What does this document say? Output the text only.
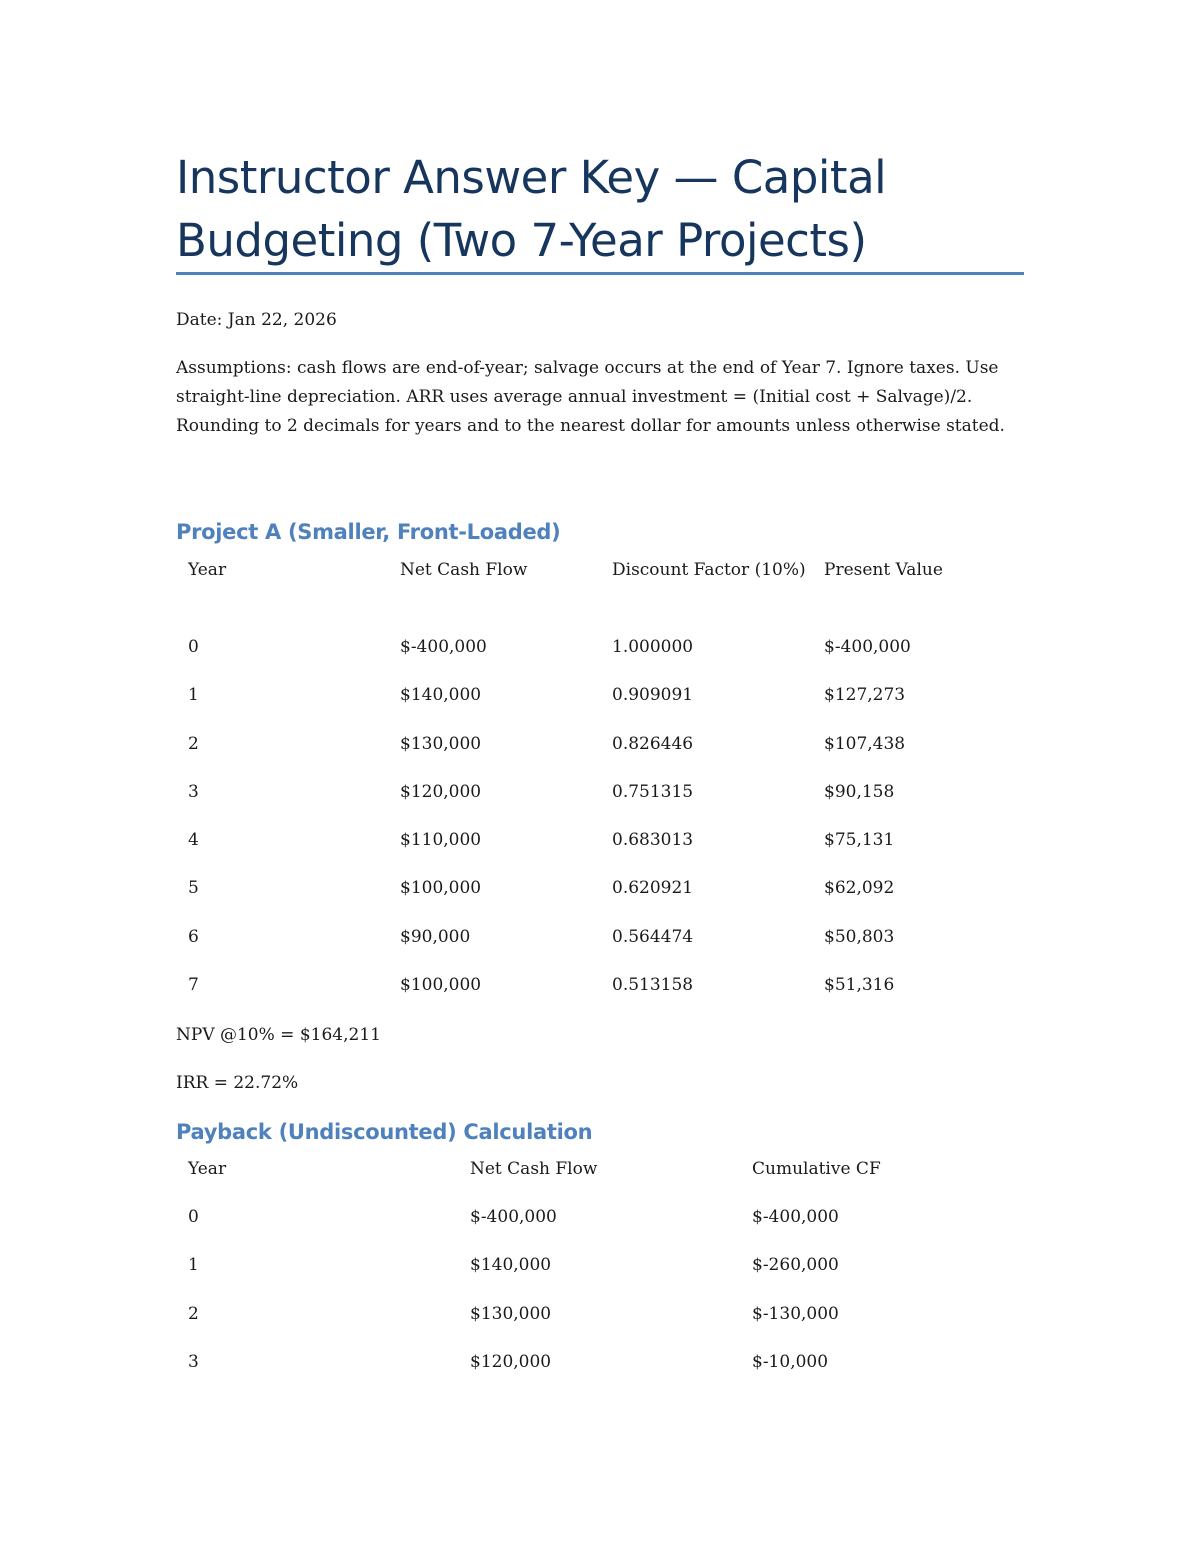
Instructor Answer Key — Capital Budgeting (Two 7-Year Projects)
Date: Jan 22, 2026

Assumptions: cash flows are end-of-year; salvage occurs at the end of Year 7. Ignore taxes. Use straight-line depreciation. ARR uses average annual investment = (Initial cost + Salvage)/2. Rounding to 2 decimals for years and to the nearest dollar for amounts unless otherwise stated.

Project A (Smaller, Front-Loaded)
Year	Net Cash Flow	Discount Factor (10%)	Present Value
0	$-400,000	1.000000	$-400,000
1	$140,000	0.909091	$127,273
2	$130,000	0.826446	$107,438
3	$120,000	0.751315	$90,158
4	$110,000	0.683013	$75,131
5	$100,000	0.620921	$62,092
6	$90,000	0.564474	$50,803
7	$100,000	0.513158	$51,316
NPV @10% = $164,211
IRR = 22.72%
Payback (Undiscounted) Calculation
Year	Net Cash Flow	Cumulative CF
0	$-400,000	$-400,000
1	$140,000	$-260,000
2	$130,000	$-130,000
3	$120,000	$-10,000
